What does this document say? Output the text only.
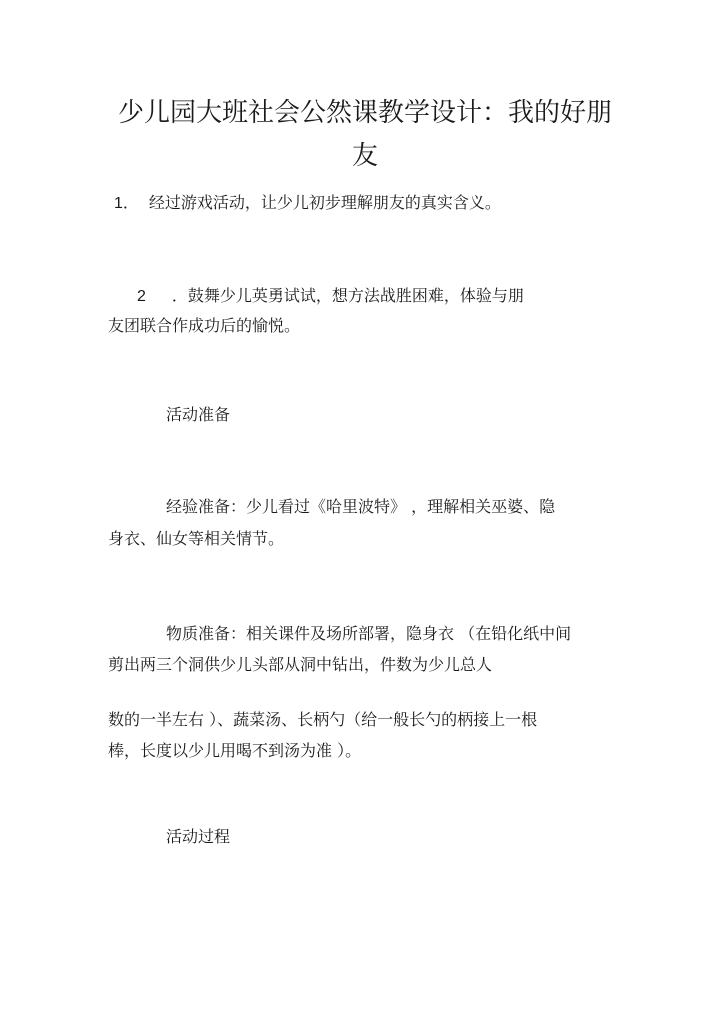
少儿园大班社会公然课教学设计：我的好朋
友

1． 经过游戏活动，让少儿初步理解朋友的真实含义。

2 ．鼓舞少儿英勇试试，想方法战胜困难，体验与朋

友团联合作成功后的愉悦。

活动准备

经验准备：少儿看过《哈里波特》 ，理解相关巫婆、隐

身衣、仙女等相关情节。

物质准备：相关课件及场所部署，隐身衣 （在铅化纸中间

剪出两三个洞供少儿头部从洞中钻出，件数为少儿总人

数的一半左右 ）、蔬菜汤、长柄勺（给一般长勺的柄接上一根

棒，长度以少儿用喝不到汤为准 ）。

活动过程
